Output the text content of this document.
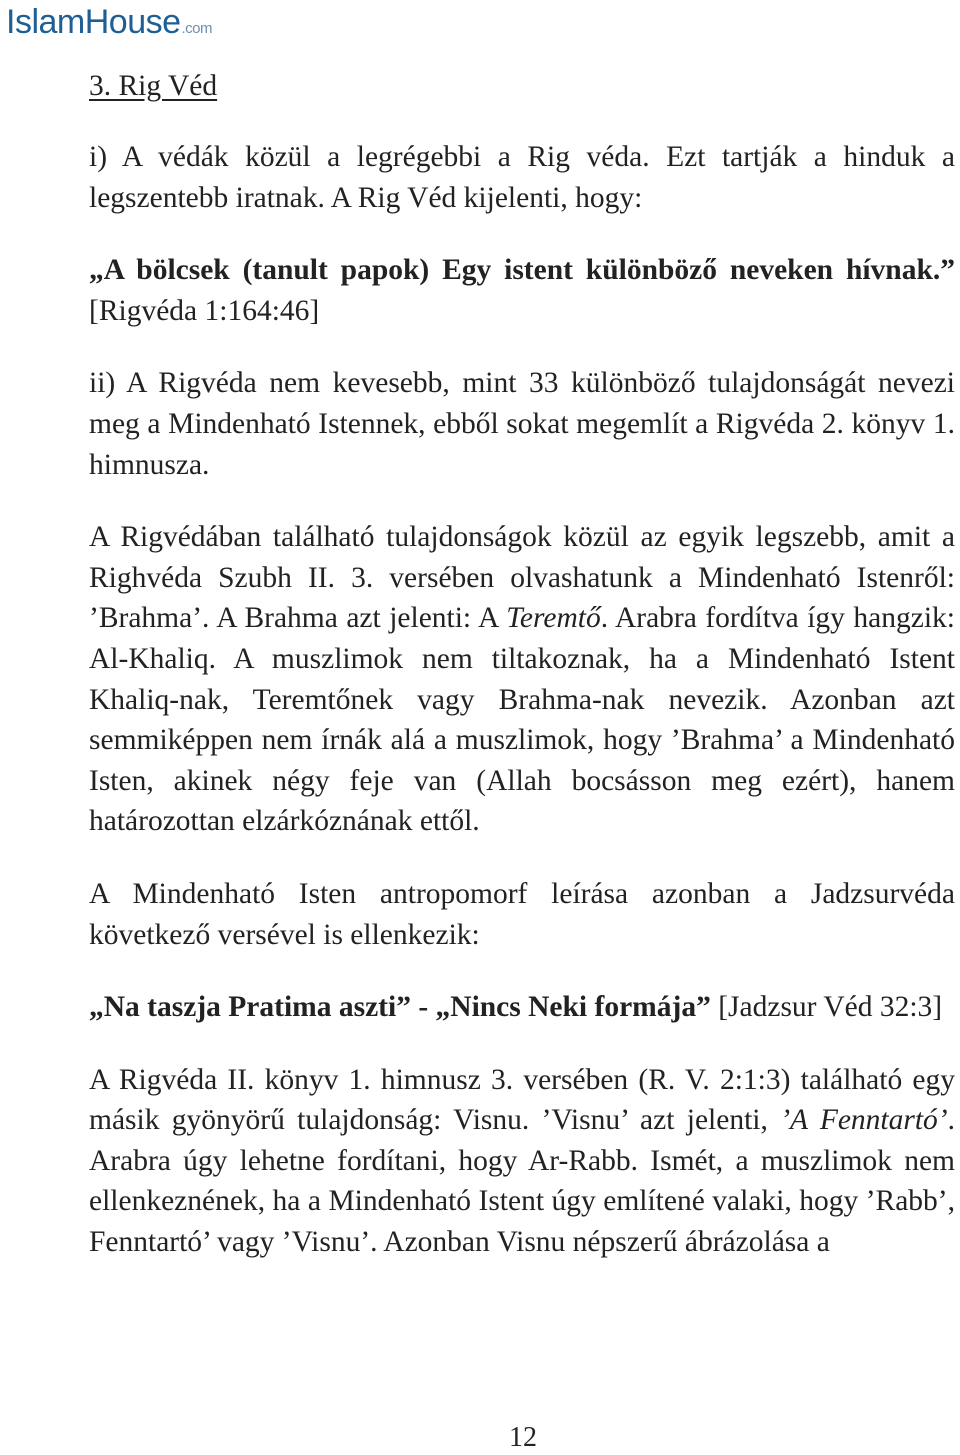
IslamHouse.com
3. Rig Véd

i) A védák közül a legrégebbi a Rig véda. Ezt tartják a hinduk a legszentebb iratnak. A Rig Véd kijelenti, hogy:

„A bölcsek (tanult papok) Egy istent különböző neveken hívnak.” [Rigvéda 1:164:46]

ii) A Rigvéda nem kevesebb, mint 33 különböző tulajdonságát nevezi meg a Mindenható Istennek, ebből sokat megemlít a Rigvéda 2. könyv 1. himnusza.

A Rigvédában található tulajdonságok közül az egyik legszebb, amit a Righvéda Szubh II. 3. versében olvashatunk a Mindenható Istenről: ’Brahma’. A Brahma azt jelenti: A Teremtő. Arabra fordítva így hangzik: Al-Khaliq. A muszlimok nem tiltakoznak, ha a Mindenható Istent Khaliq-nak, Teremtőnek vagy Brahma-nak nevezik. Azonban azt semmiképpen nem írnák alá a muszlimok, hogy ’Brahma’ a Mindenható Isten, akinek négy feje van (Allah bocsásson meg ezért), hanem határozottan elzárkóznának ettől.

A Mindenható Isten antropomorf leírása azonban a Jadzsurvéda következő versével is ellenkezik:

„Na taszja Pratima aszti” - „Nincs Neki formája” [Jadzsur Véd 32:3]

A Rigvéda II. könyv 1. himnusz 3. versében (R. V. 2:1:3) található egy másik gyönyörű tulajdonság: Visnu. ’Visnu’ azt jelenti, ’A Fenntartó’. Arabra úgy lehetne fordítani, hogy Ar-Rabb. Ismét, a muszlimok nem ellenkeznének, ha a Mindenható Istent úgy említené valaki, hogy ’Rabb’, Fenntartó’ vagy ’Visnu’. Azonban Visnu népszerű ábrázolása a

12
